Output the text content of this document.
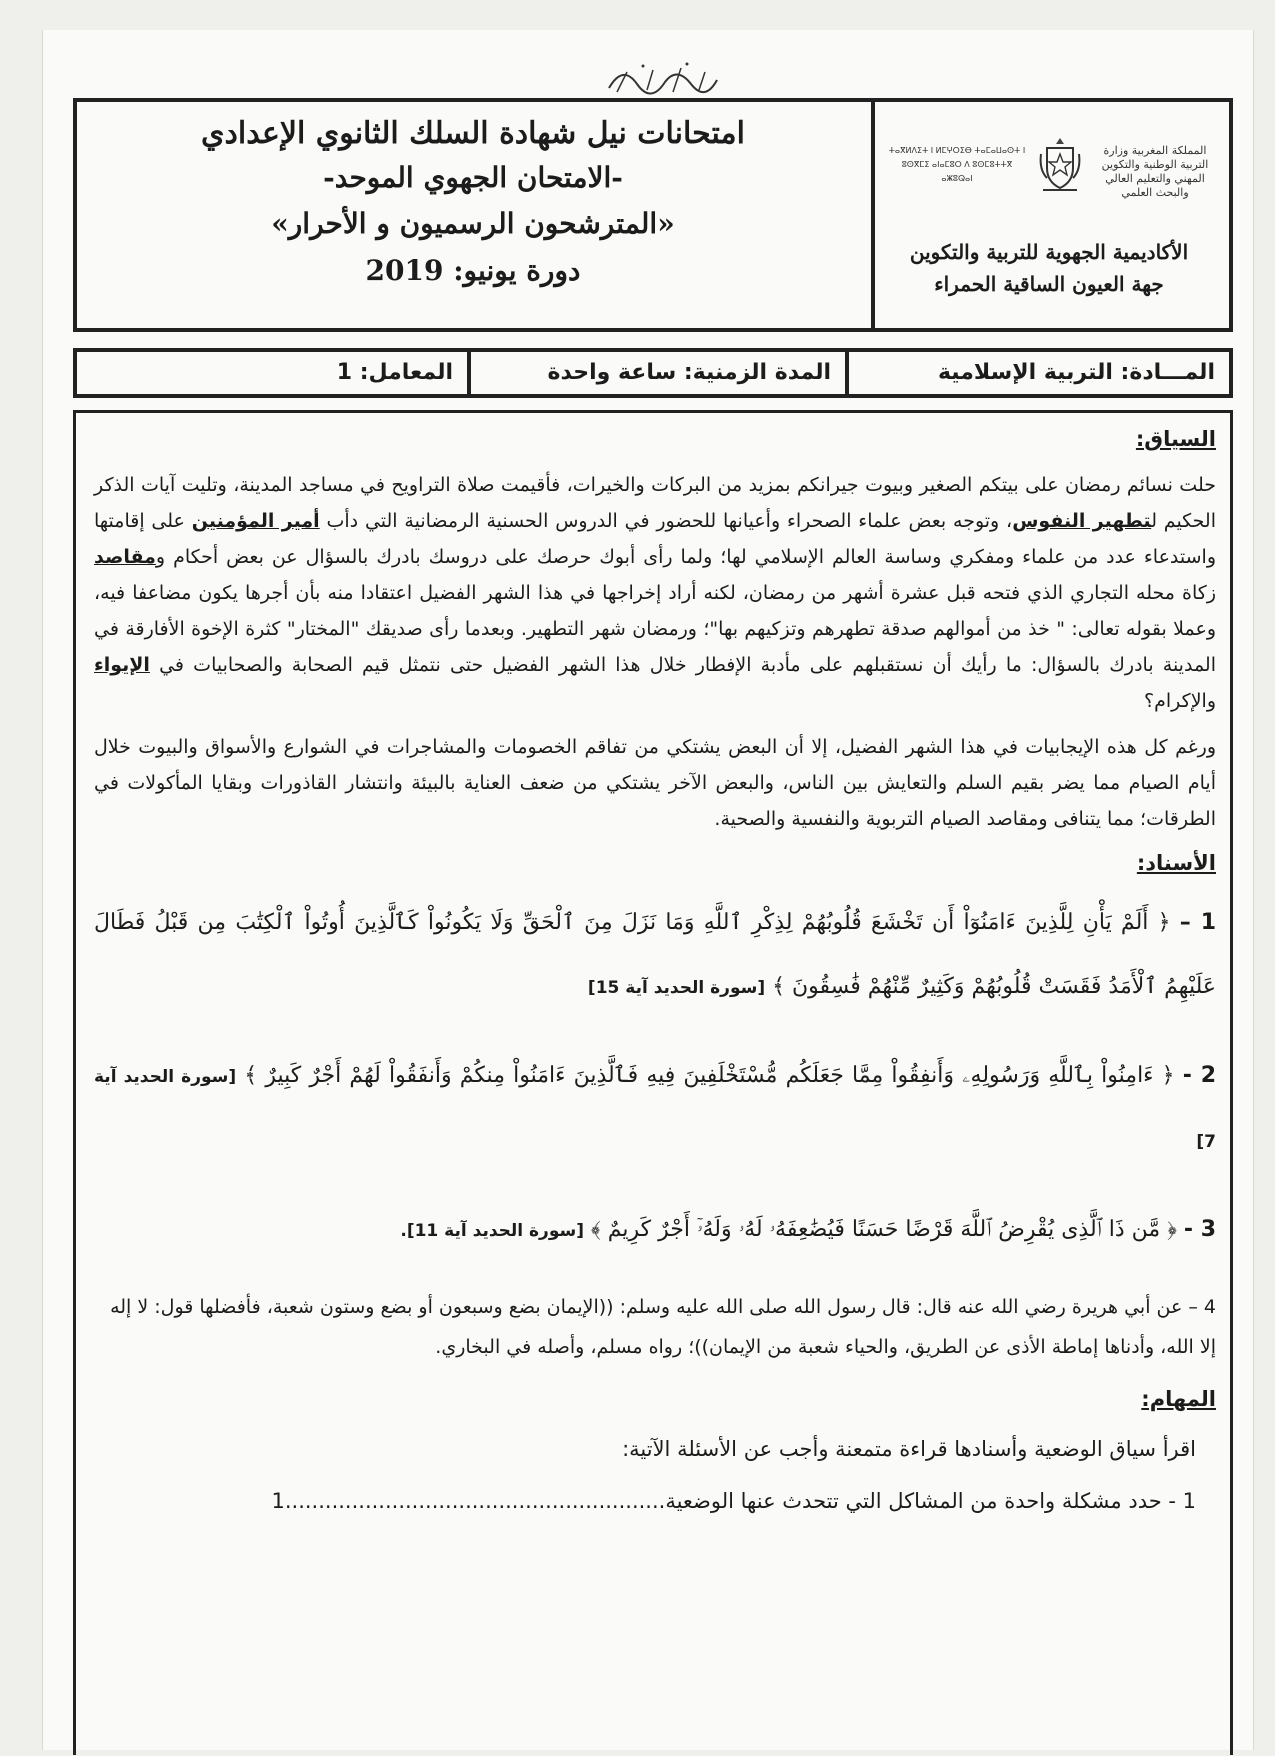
امتحانات نيل شهادة السلك الثانوي الإعدادي
-الامتحان الجهوي الموحد-
«المترشحون الرسميون و الأحرار»
دورة يونيو: 2019
المملكة المغربية وزارة التربية الوطنية والتكوين المهني والتعليم العالي والبحث العلمي
ⵜⴰⴳⵍⴷⵉⵜ ⵏ ⵍⵎⵖⵔⵉⴱ ⵜⴰⵎⴰⵡⴰⵙⵜ ⵏ ⵓⵙⴳⵎⵉ ⴰⵏⴰⵎⵓⵔ ⴷ ⵓⵙⵎⵓⵜⵜⴳ ⴰⵥⵓⵕⴰⵏ
الأكاديمية الجهوية للتربية والتكوين
جهة العيون الساقية الحمراء
المـــادة: التربية الإسلامية
المدة الزمنية: ساعة واحدة
المعامل: 1
السياق:

حلت نسائم رمضان على بيتكم الصغير وبيوت جيرانكم بمزيد من البركات والخيرات، فأقيمت صلاة التراويح في مساجد المدينة، وتليت آيات الذكر الحكيم لتطهير النفوس، وتوجه بعض علماء الصحراء وأعيانها للحضور في الدروس الحسنية الرمضانية التي دأب أمير المؤمنين على إقامتها واستدعاء عدد من علماء ومفكري وساسة العالم الإسلامي لها؛ ولما رأى أبوك حرصك على دروسك بادرك بالسؤال عن بعض أحكام ومقاصد زكاة محله التجاري الذي فتحه قبل عشرة أشهر من رمضان، لكنه أراد إخراجها في هذا الشهر الفضيل اعتقادا منه بأن أجرها يكون مضاعفا فيه، وعملا بقوله تعالى: " خذ من أموالهم صدقة تطهرهم وتزكيهم بها"؛ ورمضان شهر التطهير. وبعدما رأى صديقك "المختار" كثرة الإخوة الأفارقة في المدينة بادرك بالسؤال: ما رأيك أن نستقبلهم على مأدبة الإفطار خلال هذا الشهر الفضيل حتى نتمثل قيم الصحابة والصحابيات في الإيواء والإكرام؟

ورغم كل هذه الإيجابيات في هذا الشهر الفضيل، إلا أن البعض يشتكي من تفاقم الخصومات والمشاجرات في الشوارع والأسواق والبيوت خلال أيام الصيام مما يضر بقيم السلم والتعايش بين الناس، والبعض الآخر يشتكي من ضعف العناية بالبيئة وانتشار القاذورات وبقايا المأكولات في الطرقات؛ مما يتنافى ومقاصد الصيام التربوية والنفسية والصحية.

الأسناد:

1 – ﴿ أَلَمْ يَأْنِ لِلَّذِينَ ءَامَنُوٓاْ أَن تَخْشَعَ قُلُوبُهُمْ لِذِكْرِ ٱللَّهِ وَمَا نَزَلَ مِنَ ٱلْحَقِّ وَلَا يَكُونُواْ كَٱلَّذِينَ أُوتُواْ ٱلْكِتَٰبَ مِن قَبْلُ فَطَالَ عَلَيْهِمُ ٱلْأَمَدُ فَقَسَتْ قُلُوبُهُمْ وَكَثِيرٌ مِّنْهُمْ فَٰسِقُونَ ﴾ [سورة الحديد آية 15]

2 - ﴿ ءَامِنُواْ بِٱللَّهِ وَرَسُولِهِۦ وَأَنفِقُواْ مِمَّا جَعَلَكُم مُّسْتَخْلَفِينَ فِيهِ فَٱلَّذِينَ ءَامَنُواْ مِنكُمْ وَأَنفَقُواْ لَهُمْ أَجْرٌ كَبِيرٌ ﴾ [سورة الحديد آية 7]

3 - ﴿ مَّن ذَا ٱلَّذِى يُقْرِضُ ٱللَّهَ قَرْضًا حَسَنًا فَيُضَٰعِفَهُۥ لَهُۥ وَلَهُۥٓ أَجْرٌ كَرِيمٌ ﴾ [سورة الحديد آية 11].

4 – عن أبي هريرة رضي الله عنه قال: قال رسول الله صلى الله عليه وسلم: ((الإيمان بضع وسبعون أو بضع وستون شعبة، فأفضلها قول: لا إله إلا الله، وأدناها إماطة الأذى عن الطريق، والحياء شعبة من الإيمان))؛ رواه مسلم، وأصله في البخاري.

المهام:
اقرأ سياق الوضعية وأسنادها قراءة متمعنة وأجب عن الأسئلة الآتية:
1 - حدد مشكلة واحدة من المشاكل التي تتحدث عنها الوضعية.........................................................1
